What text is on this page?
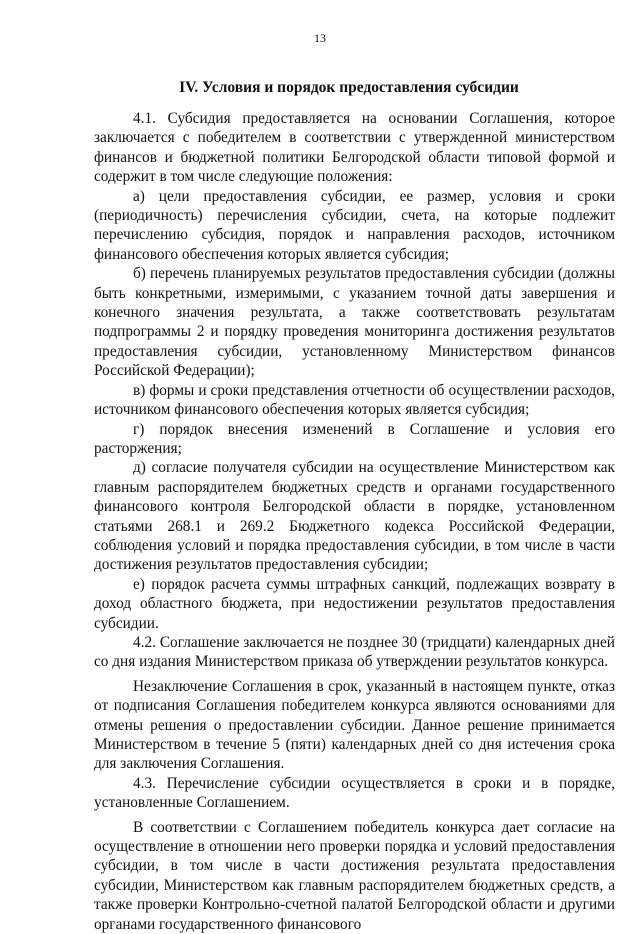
13
IV. Условия и порядок предоставления субсидии

4.1. Субсидия предоставляется на основании Соглашения, которое заключается с победителем в соответствии с утвержденной министерством финансов и бюджетной политики Белгородской области типовой формой и содержит в том числе следующие положения:

а) цели предоставления субсидии, ее размер, условия и сроки (периодичность) перечисления субсидии, счета, на которые подлежит перечислению субсидия, порядок и направления расходов, источником финансового обеспечения которых является субсидия;

б) перечень планируемых результатов предоставления субсидии (должны быть конкретными, измеримыми, с указанием точной даты завершения и конечного значения результата, а также соответствовать результатам подпрограммы 2 и порядку проведения мониторинга достижения результатов предоставления субсидии, установленному Министерством финансов Российской Федерации);

в) формы и сроки представления отчетности об осуществлении расходов, источником финансового обеспечения которых является субсидия;

г) порядок внесения изменений в Соглашение и условия его расторжения;

д) согласие получателя субсидии на осуществление Министерством как главным распорядителем бюджетных средств и органами государственного финансового контроля Белгородской области в порядке, установленном статьями 268.1 и 269.2 Бюджетного кодекса Российской Федерации, соблюдения условий и порядка предоставления субсидии, в том числе в части достижения результатов предоставления субсидии;

е) порядок расчета суммы штрафных санкций, подлежащих возврату в доход областного бюджета, при недостижении результатов предоставления субсидии.

4.2. Соглашение заключается не позднее 30 (тридцати) календарных дней со дня издания Министерством приказа об утверждении результатов конкурса.

Незаключение Соглашения в срок, указанный в настоящем пункте, отказ от подписания Соглашения победителем конкурса являются основаниями для отмены решения о предоставлении субсидии. Данное решение принимается Министерством в течение 5 (пяти) календарных дней со дня истечения срока для заключения Соглашения.

4.3. Перечисление субсидии осуществляется в сроки и в порядке, установленные Соглашением.

В соответствии с Соглашением победитель конкурса дает согласие на осуществление в отношении него проверки порядка и условий предоставления субсидии, в том числе в части достижения результата предоставления субсидии, Министерством как главным распорядителем бюджетных средств, а также проверки Контрольно-счетной палатой Белгородской области и другими органами государственного финансового
